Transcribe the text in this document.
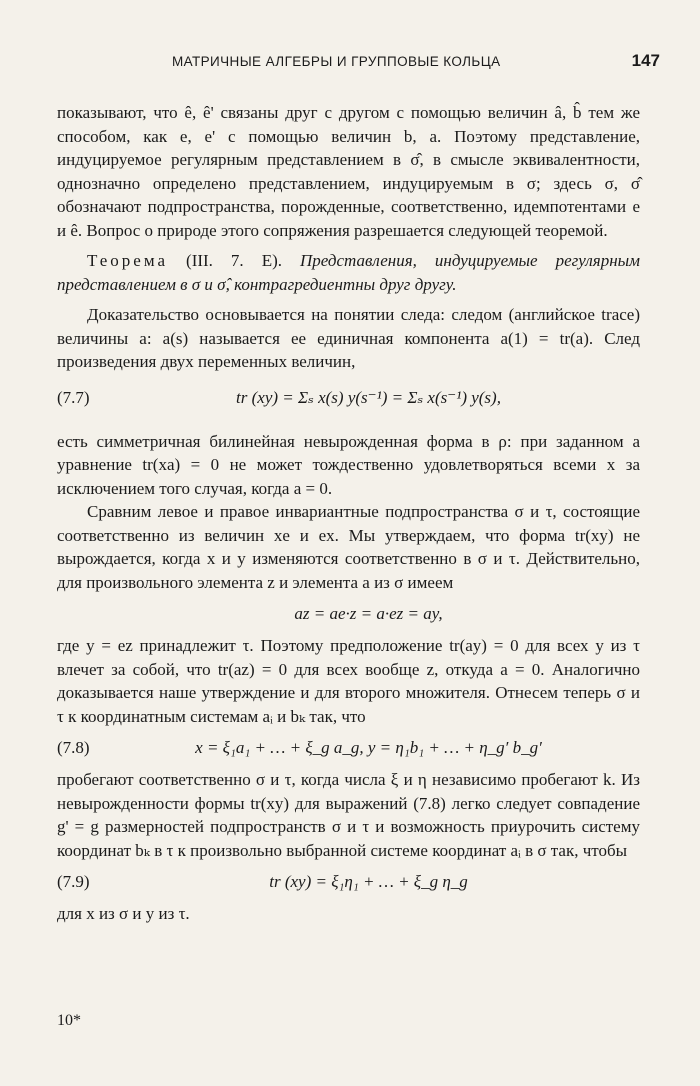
МАТРИЧНЫЕ АЛГЕБРЫ И ГРУППОВЫЕ КОЛЬЦА	147

показывают, что ê, ê' связаны друг с другом с помощью величин â, b̂ тем же способом, как e, e' с помощью величин b, a. Поэтому представление, индуцируемое регулярным представлением в σ̂, в смысле эквивалентности, однозначно определено представлением, индуцируемым в σ; здесь σ, σ̂ обозначают подпространства, порожденные, соответственно, идемпотентами e и ê. Вопрос о природе этого сопряжения разрешается следующей теоремой.

Теорема (III. 7. E). Представления, индуцируемые регулярным представлением в σ и σ̂, контрагредиентны друг другу.

Доказательство основывается на понятии следа: следом (английское trace) величины a: a(s) называется ее единичная компонента a(1) = tr(a). След произведения двух переменных величин,

(7.7)	tr (xy) = Σₛ x(s) y(s⁻¹) = Σₛ x(s⁻¹) y(s),

есть симметричная билинейная невырожденная форма в ρ: при заданном a уравнение tr(xa) = 0 не может тождественно удовлетворяться всеми x за исключением того случая, когда a = 0.

Сравним левое и правое инвариантные подпространства σ и τ, состоящие соответственно из величин xe и ex. Мы утверждаем, что форма tr(xy) не вырождается, когда x и y изменяются соответственно в σ и τ. Действительно, для произвольного элемента z и элемента a из σ имеем

az = ae·z = a·ez = ay,

где y = ez принадлежит τ. Поэтому предположение tr(ay) = 0 для всех y из τ влечет за собой, что tr(az) = 0 для всех вообще z, откуда a = 0. Аналогично доказывается наше утверждение и для второго множителя. Отнесем теперь σ и τ к координатным системам aᵢ и bₖ так, что

(7.8)	x = ξ₁a₁ + … + ξ_g a_g, y = η₁b₁ + … + η_g′ b_g′

пробегают соответственно σ и τ, когда числа ξ и η независимо пробегают k. Из невырожденности формы tr(xy) для выражений (7.8) легко следует совпадение g' = g размерностей подпространств σ и τ и возможность приурочить систему координат bₖ в τ к произвольно выбранной системе координат aᵢ в σ так, чтобы

(7.9)	tr (xy) = ξ₁η₁ + … + ξ_g η_g

для x из σ и y из τ.

10*
